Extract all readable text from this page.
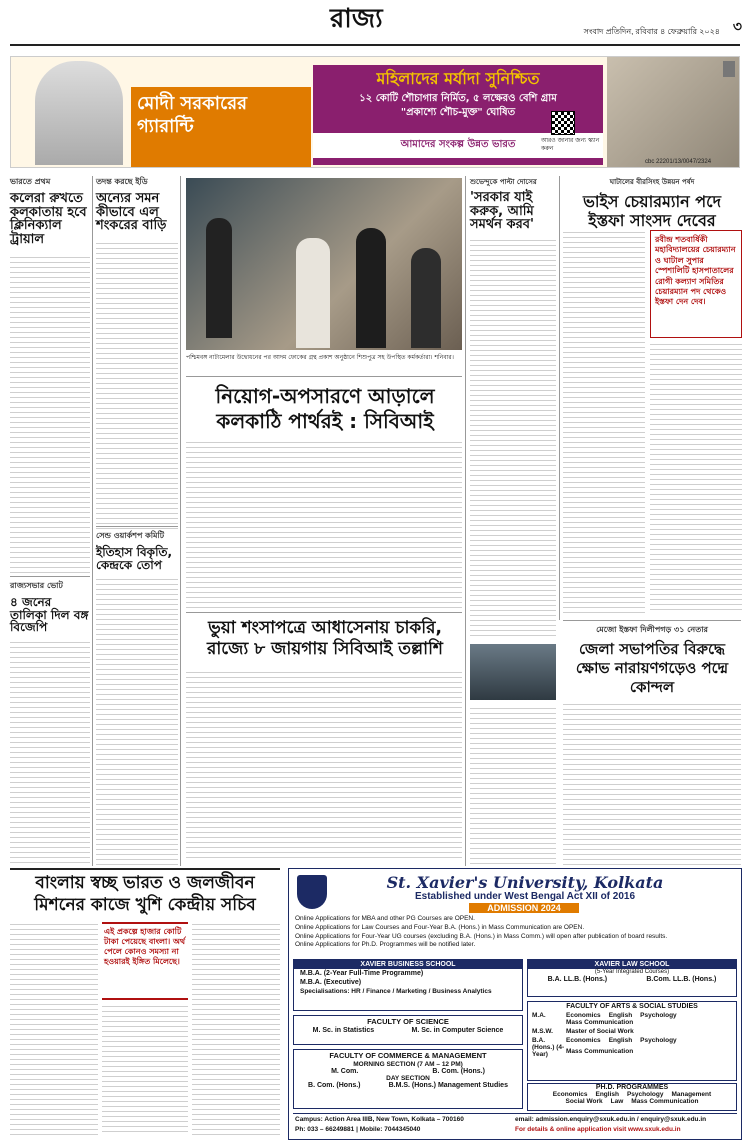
রাজ্য	সংবাদ প্রতিদিন, রবিবার ৪ ফেব্রুয়ারি ২০২৪ ৩
মোদী সরকারের গ্যারান্টি
মহিলাদের মর্যাদা সুনিশ্চিত
১২ কোটি শৌচাগার নির্মিত, ৫ লক্ষেরও বেশি গ্রাম
"প্রকাশ্যে শৌচ-মুক্ত" ঘোষিত
আমাদের সংকল্প উন্নত ভারত	আরও জানার জন্য স্ক্যান করুন
cbc 22201/13/0047/2324
ভারতে প্রথম
কলেরা রুখতে কলকাতায় হবে ক্লিনিক্যাল ট্রায়াল
রাজ্যসভার ভোট
৪ জনের তালিকা দিল বঙ্গ বিজেপি
তদন্ত করছে ইডি
অন্যের সমন কীভাবে এল শংকরের বাড়ি
সেন্ড ওয়ার্কশপ কমিটি
ইতিহাস বিকৃতি, কেন্দ্রকে তোপ
পশ্চিমবঙ্গ নাট্যমেলার উদ্বোধনের পর আদম ফোকের গ্রন্থ প্রকাশ অনুষ্ঠানে শিশুপুত্র সহ উপস্থিত কর্মকর্তারা। শনিবার।
শুভেন্দুকে পাল্টা দোসের
'সরকার যাই করুক, আমি সমর্থন করব'
নিয়োগ-অপসারণে আড়ালে কলকাঠি পার্থরই : সিবিআই
ভুয়া শংসাপত্রে আধাসেনায় চাকরি, রাজ্যে ৮ জায়গায় সিবিআই তল্লাশি
ঘাটালের বীরসিংহ উন্নয়ন পর্ষদ
ভাইস চেয়ারম্যান পদে ইস্তফা সাংসদ দেবের
রবীন্দ্র শতবার্ষিকী মহাবিদ্যালয়ের চেয়ারম্যান ও ঘাটাল সুপার স্পেশালিটি হাসপাতালের রোগী কল্যাণ সমিতির চেয়ারম্যান পদ থেকেও ইস্তফা দেন দেব।
মেজো ইস্তফা দিলীপগড় ৩১ নেতার
জেলা সভাপতির বিরুদ্ধে ক্ষোভ নারায়ণগড়েও পদ্মে কোন্দল
বাংলায় স্বচ্ছ ভারত ও জলজীবন মিশনের কাজে খুশি কেন্দ্রীয় সচিব
এই প্রকল্পে হাজার কোটি টাকা পেয়েছে বাংলা। অর্থ পেলে কোনও সমস্যা না হওয়ারই ইঙ্গিত মিলেছে।
St. Xavier's University, Kolkata
Established under West Bengal Act XII of 2016
ADMISSION 2024
Online Applications for MBA and other PG Courses are OPEN.
Online Applications for Law Courses and Four-Year B.A. (Hons.) in Mass Communication are OPEN.
Online Applications for Four-Year UG courses (excluding B.A. (Hons.) in Mass Comm.) will open after publication of board results.
Online Applications for Ph.D. Programmes will be notified later.
XAVIER BUSINESS SCHOOL
M.B.A. (2-Year Full-Time Programme)
M.B.A. (Executive)
Specialisations: HR / Finance / Marketing / Business Analytics
XAVIER LAW SCHOOL
(5-Year Integrated Courses)
B.A. LL.B. (Hons.)	B.Com. LL.B. (Hons.)
FACULTY OF SCIENCE
M. Sc. in Statistics	M. Sc. in Computer Science
FACULTY OF COMMERCE & MANAGEMENT
MORNING SECTION (7 AM – 12 PM)
M. Com.	B. Com. (Hons.)
DAY SECTION
B. Com. (Hons.)	B.M.S. (Hons.) Management Studies
FACULTY OF ARTS & SOCIAL STUDIES
M.A.	Economics English Psychology
Mass Communication
M.S.W.	Master of Social Work
B.A. (Hons.) (4-Year)
Economics English Psychology
Mass Communication
PH.D. PROGRAMMES
Economics English Psychology Management
Social Work Law Mass Communication
Campus: Action Area IIIB, New Town, Kolkata – 700160
Ph: 033 – 66249881 | Mobile: 7044345040
email: admission.enquiry@sxuk.edu.in / enquiry@sxuk.edu.in
For details & online application visit www.sxuk.edu.in
